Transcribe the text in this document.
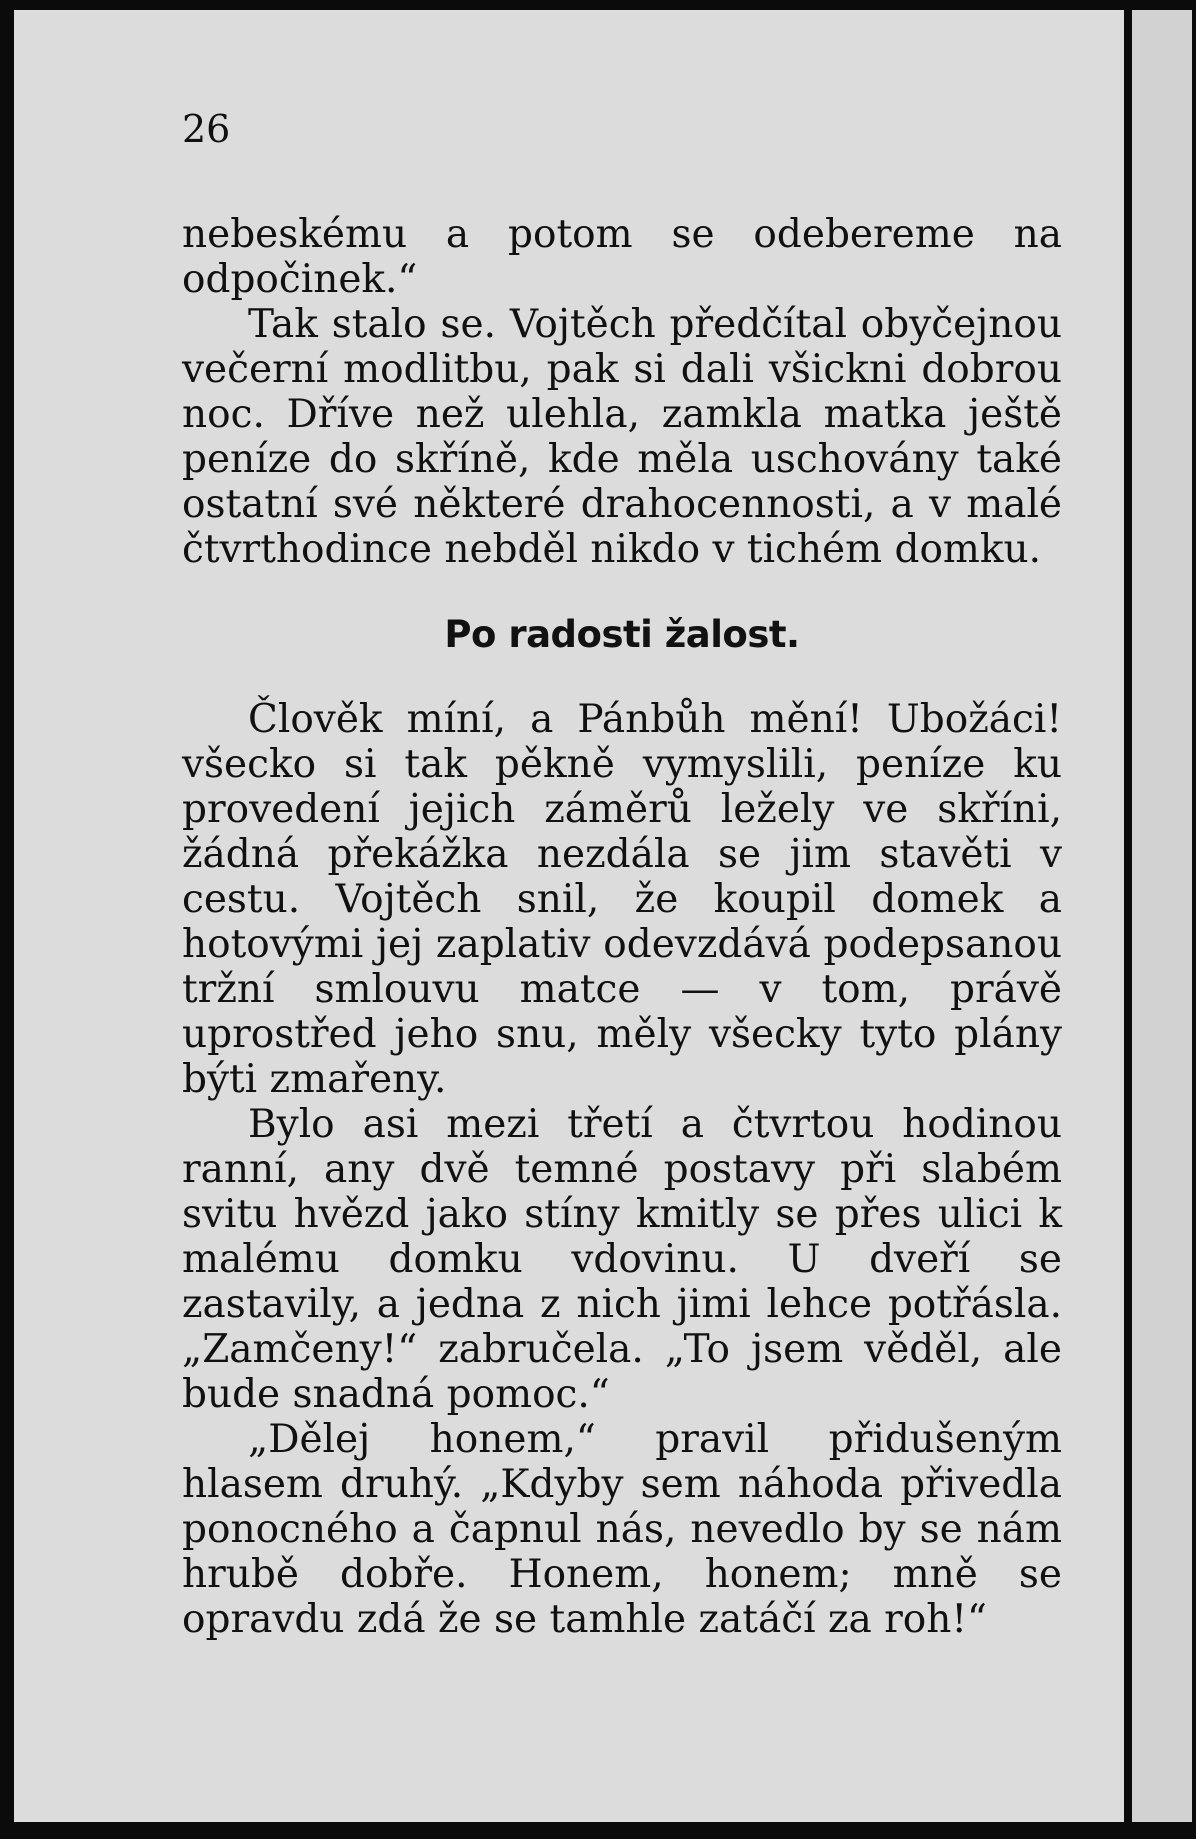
26

nebeskému a potom se odebereme na odpočinek.“

Tak stalo se. Vojtěch předčítal obyčejnou večerní modlitbu, pak si dali všickni dobrou noc. Dříve než ulehla, zamkla matka ještě peníze do skříně, kde měla uschovány také ostatní své některé drahocennosti, a v malé čtvrthodince nebděl nikdo v tichém domku.

Po radosti žalost.

Člověk míní, a Pánbůh mění! Ubožáci! všecko si tak pěkně vymyslili, peníze ku provedení jejich záměrů ležely ve skříni, žádná překážka nezdála se jim stavěti v cestu. Vojtěch snil, že koupil domek a hotovými jej zaplativ odevzdává podepsanou tržní smlouvu matce — v tom, právě uprostřed jeho snu, měly všecky tyto plány býti zmařeny.

Bylo asi mezi třetí a čtvrtou hodinou ranní, any dvě temné postavy při slabém svitu hvězd jako stíny kmitly se přes ulici k malému domku vdovinu. U dveří se zastavily, a jedna z nich jimi lehce potřásla. „Zamčeny!“ zabručela. „To jsem věděl, ale bude snadná pomoc.“

„Dělej honem,“ pravil přidušeným hlasem druhý. „Kdyby sem náhoda přivedla ponocného a čapnul nás, nevedlo by se nám hrubě dobře. Honem, honem; mně se opravdu zdá že se tamhle zatáčí za roh!“
